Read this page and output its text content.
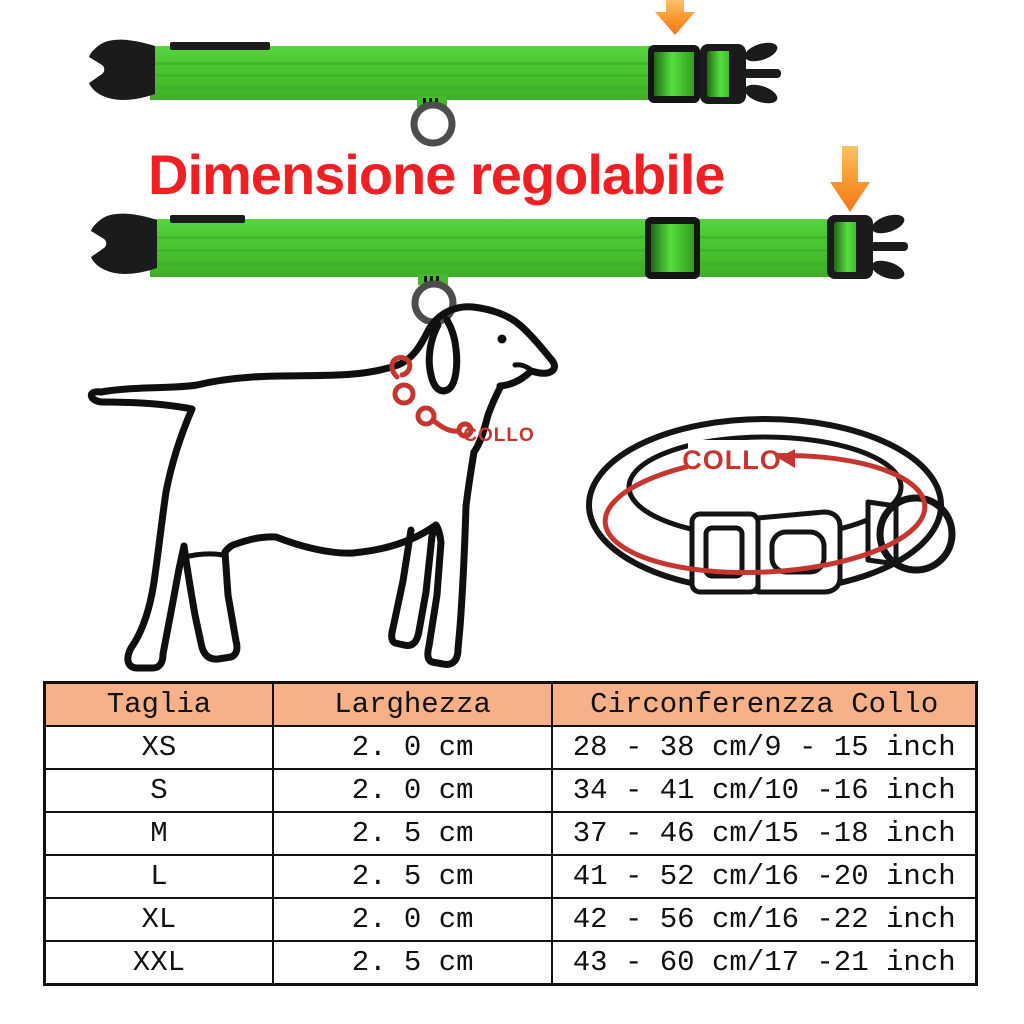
Dimensione regolabile
COLLO
COLLO
Taglia	Larghezza	Circonferenzza Collo
XS	2. 0 cm	28 - 38 cm/9 - 15 inch
S	2. 0 cm	34 - 41 cm/10 -16 inch
M	2. 5 cm	37 - 46 cm/15 -18 inch
L	2. 5 cm	41 - 52 cm/16 -20 inch
XL	2. 0 cm	42 - 56 cm/16 -22 inch
XXL	2. 5 cm	43 - 60 cm/17 -21 inch
